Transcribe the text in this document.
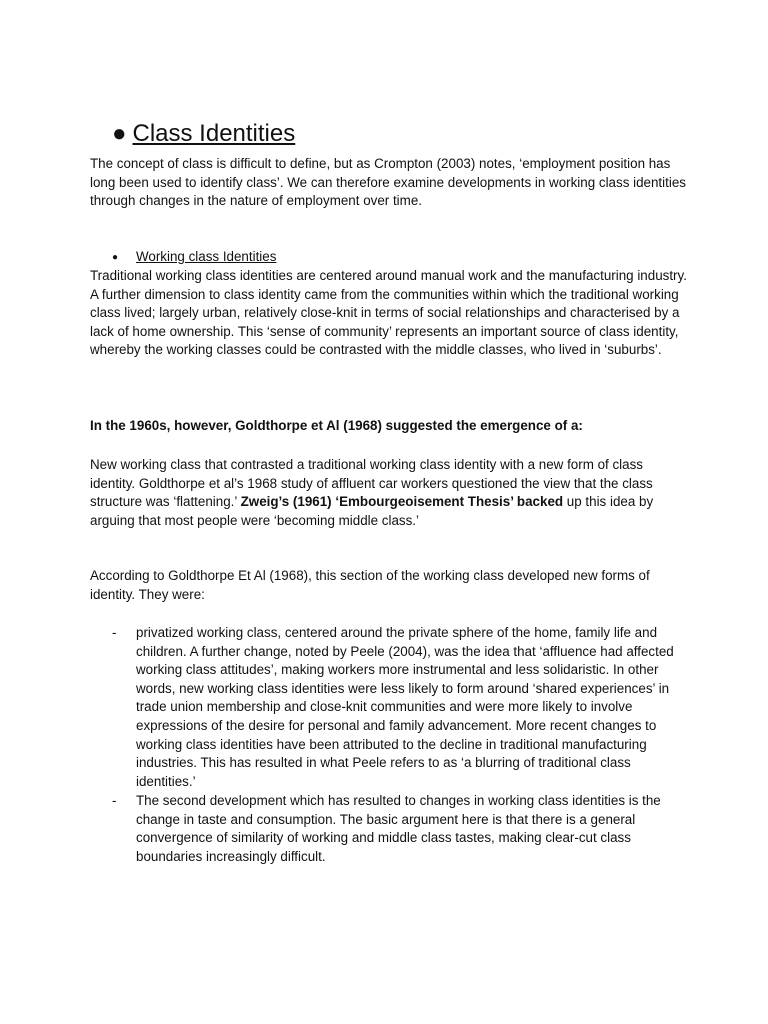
● Class Identities

The concept of class is difficult to define, but as Crompton (2003) notes, ‘employment position has long been used to identify class’. We can therefore examine developments in working class identities through changes in the nature of employment over time.

● Working class Identities

Traditional working class identities are centered around manual work and the manufacturing industry. A further dimension to class identity came from the communities within which the traditional working class lived; largely urban, relatively close-knit in terms of social relationships and characterised by a lack of home ownership. This ‘sense of community’ represents an important source of class identity, whereby the working classes could be contrasted with the middle classes, who lived in ‘suburbs’.

In the 1960s, however, Goldthorpe et Al (1968) suggested the emergence of a:

New working class that contrasted a traditional working class identity with a new form of class identity. Goldthorpe et al’s 1968 study of affluent car workers questioned the view that the class structure was ‘flattening.’ Zweig’s (1961) ‘Embourgeoisement Thesis’ backed up this idea by arguing that most people were ‘becoming middle class.’

According to Goldthorpe Et Al (1968), this section of the working class developed new forms of identity. They were:

- privatized working class, centered around the private sphere of the home, family life and children. A further change, noted by Peele (2004), was the idea that ‘affluence had affected working class attitudes’, making workers more instrumental and less solidaristic. In other words, new working class identities were less likely to form around ‘shared experiences’ in trade union membership and close-knit communities and were more likely to involve expressions of the desire for personal and family advancement. More recent changes to working class identities have been attributed to the decline in traditional manufacturing industries. This has resulted in what Peele refers to as ‘a blurring of traditional class identities.’
- The second development which has resulted to changes in working class identities is the change in taste and consumption. The basic argument here is that there is a general convergence of similarity of working and middle class tastes, making clear-cut class boundaries increasingly difficult.
